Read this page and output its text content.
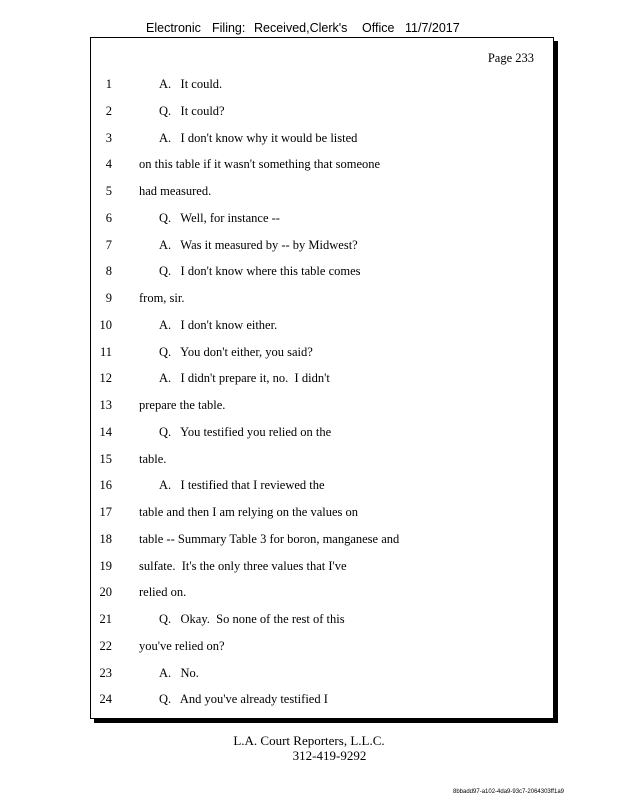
Electronic Filing: Received,Clerk's Office 11/7/2017
Page 233
1	A.   It could.
2	Q.   It could?
3	A.   I don't know why it would be listed
4 on this table if it wasn't something that someone
5 had measured.
6	Q.   Well, for instance --
7	A.   Was it measured by -- by Midwest?
8	Q.   I don't know where this table comes
9 from, sir.
10	A.   I don't know either.
11	Q.   You don't either, you said?
12	A.   I didn't prepare it, no.  I didn't
13 prepare the table.
14	Q.   You testified you relied on the
15 table.
16	A.   I testified that I reviewed the
17 table and then I am relying on the values on
18 table -- Summary Table 3 for boron, manganese and
19 sulfate.  It's the only three values that I've
20 relied on.
21	Q.   Okay.  So none of the rest of this
22 you've relied on?
23	A.   No.
24	Q.   And you've already testified I
L.A. Court Reporters, L.L.C.
312-419-9292
8bbadd97-a102-4da9-93c7-2064303ff1a9
